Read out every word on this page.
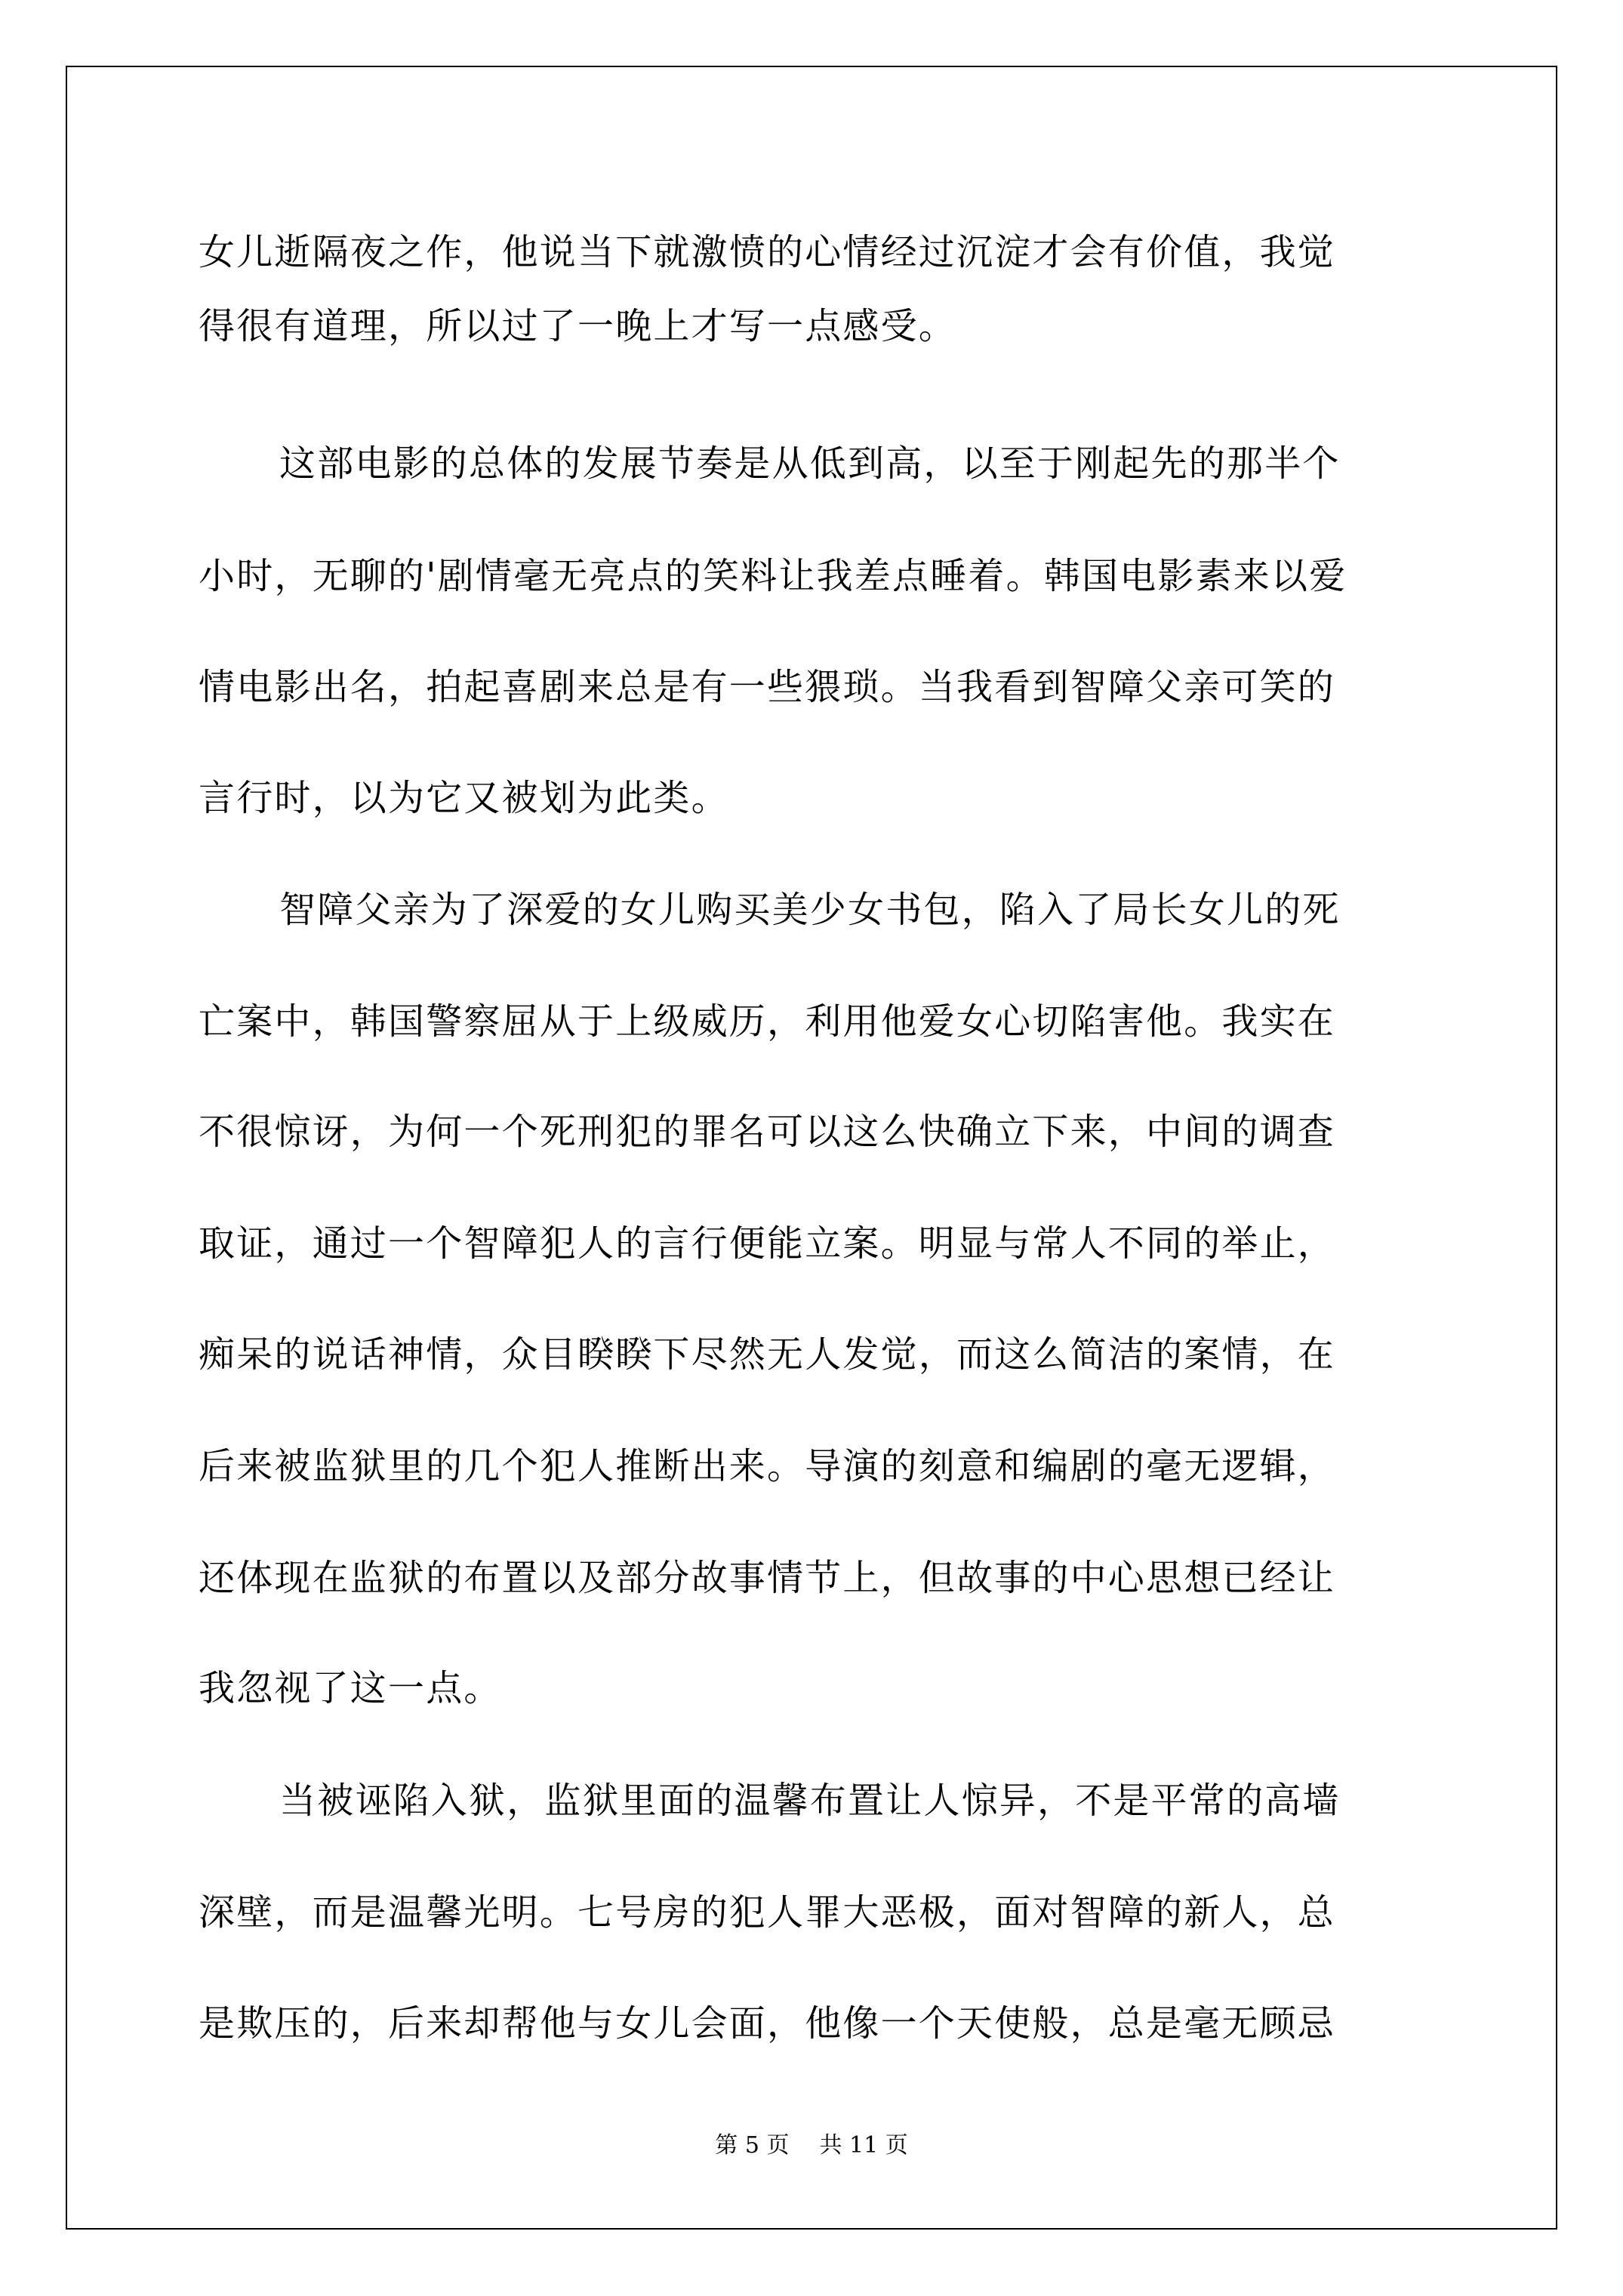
女儿逝隔夜之作，他说当下就激愤的心情经过沉淀才会有价值，我觉
得很有道理，所以过了一晚上才写一点感受。
这部电影的总体的发展节奏是从低到高，以至于刚起先的那半个
小时，无聊的'剧情毫无亮点的笑料让我差点睡着。韩国电影素来以爱
情电影出名，拍起喜剧来总是有一些猥琐。当我看到智障父亲可笑的
言行时，以为它又被划为此类。
智障父亲为了深爱的女儿购买美少女书包，陷入了局长女儿的死
亡案中，韩国警察屈从于上级威历，利用他爱女心切陷害他。我实在
不很惊讶，为何一个死刑犯的罪名可以这么快确立下来，中间的调查
取证，通过一个智障犯人的言行便能立案。明显与常人不同的举止，
痴呆的说话神情，众目睽睽下尽然无人发觉，而这么简洁的案情，在
后来被监狱里的几个犯人推断出来。导演的刻意和编剧的毫无逻辑，
还体现在监狱的布置以及部分故事情节上，但故事的中心思想已经让
我忽视了这一点。
当被诬陷入狱，监狱里面的温馨布置让人惊异，不是平常的高墙
深壁，而是温馨光明。七号房的犯人罪大恶极，面对智障的新人，总
是欺压的，后来却帮他与女儿会面，他像一个天使般，总是毫无顾忌
第 5 页 共 11 页
